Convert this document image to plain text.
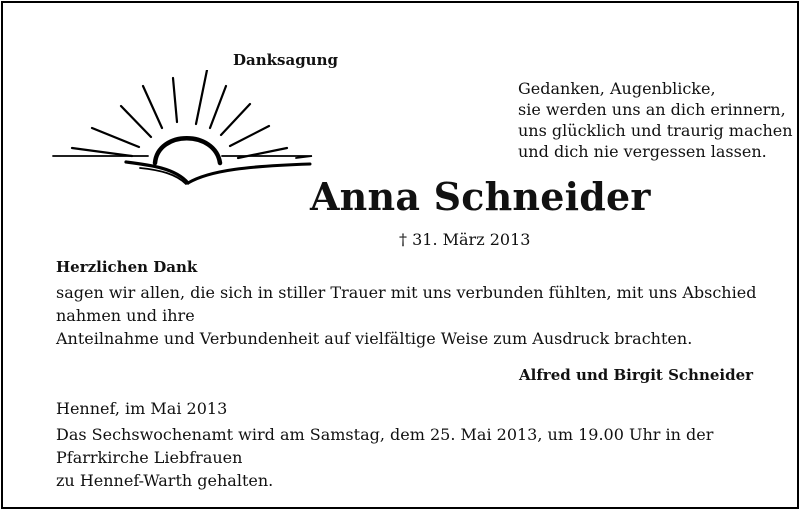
Danksagung
Gedanken, Augenblicke,
sie werden uns an dich erinnern,
uns glücklich und traurig machen
und dich nie vergessen lassen.
Anna Schneider
† 31. März 2013
Herzlichen Dank
sagen wir allen, die sich in stiller Trauer mit uns verbunden fühlten, mit uns Abschied nahmen und ihre
Anteilnahme und Verbundenheit auf vielfältige Weise zum Ausdruck brachten.
Alfred und Birgit Schneider
Hennef, im Mai 2013
Das Sechswochenamt wird am Samstag, dem 25. Mai 2013, um 19.00 Uhr in der Pfarrkirche Liebfrauen
zu Hennef-Warth gehalten.
